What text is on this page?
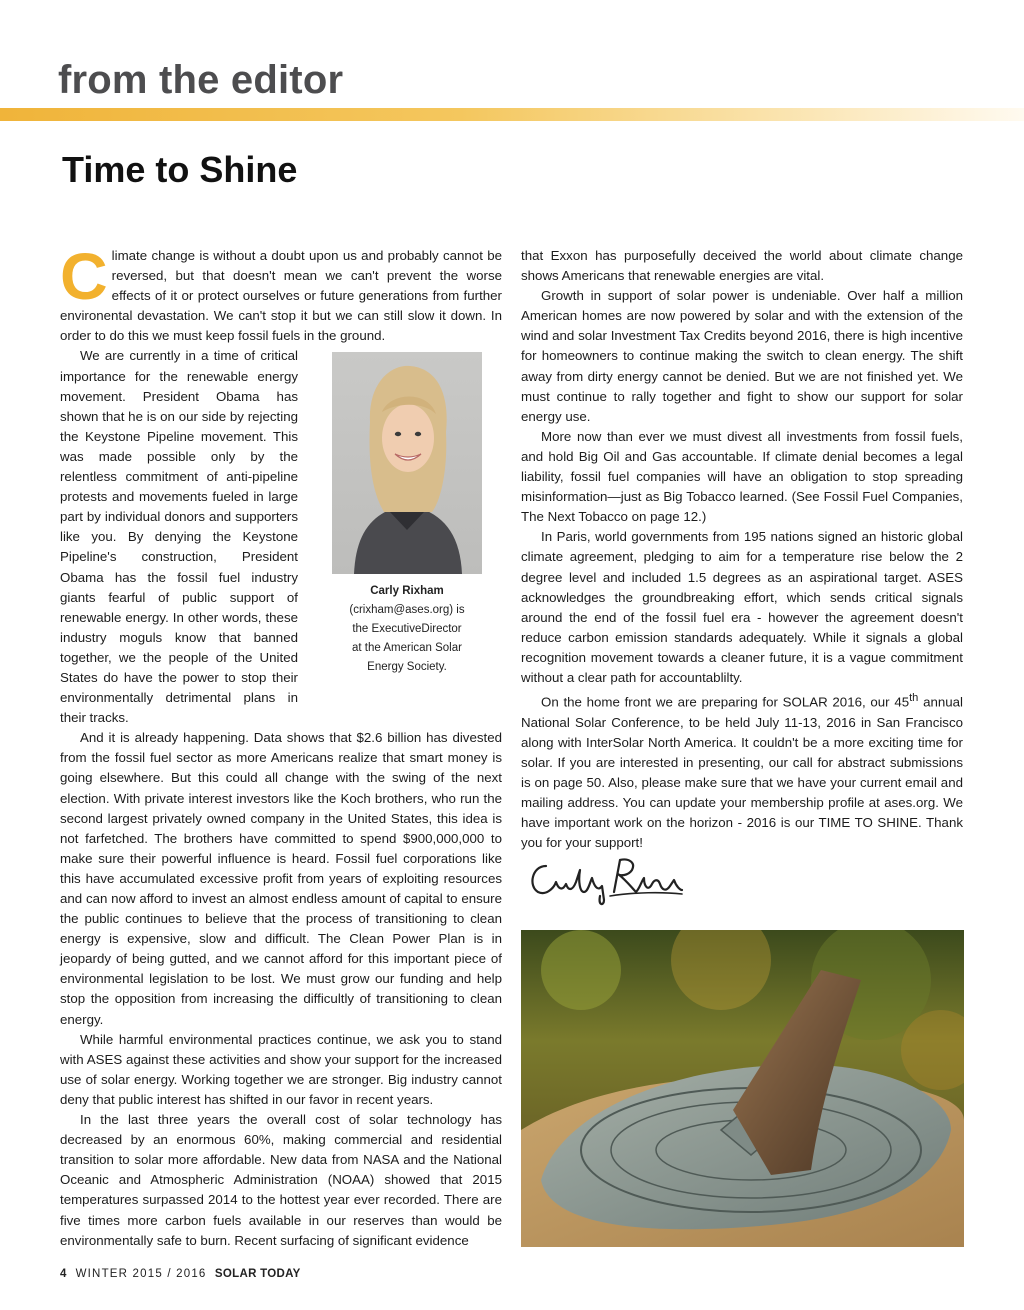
from the editor
Time to Shine

Climate change is without a doubt upon us and probably cannot be reversed, but that doesn't mean we can't prevent the worse effects of it or protect ourselves or future generations from further environental devastation. We can't stop it but we can still slow it down. In order to do this we must keep fossil fuels in the ground.

Carly Rixham
(crixham@ases.org) is
the ExecutiveDirector
at the American Solar
Energy Society.

We are currently in a time of critical importance for the renewable energy movement. President Obama has shown that he is on our side by rejecting the Keystone Pipeline movement. This was made possible only by the relentless commitment of anti-pipeline protests and movements fueled in large part by individual donors and supporters like you. By denying the Keystone Pipeline's construction, President Obama has the fossil fuel industry giants fearful of public support of renewable energy. In other words, these industry moguls know that banned together, we the people of the United States do have the power to stop their environmentally detrimental plans in their tracks.

And it is already happening. Data shows that $2.6 billion has divested from the fossil fuel sector as more Americans realize that smart money is going elsewhere. But this could all change with the swing of the next election. With private interest investors like the Koch brothers, who run the second largest privately owned company in the United States, this idea is not farfetched. The brothers have committed to spend $900,000,000 to make sure their powerful influence is heard. Fossil fuel corporations like this have accumulated excessive profit from years of exploiting resources and can now afford to invest an almost endless amount of capital to ensure the public continues to believe that the process of transitioning to clean energy is expensive, slow and difficult. The Clean Power Plan is in jeopardy of being gutted, and we cannot afford for this important piece of environmental legislation to be lost. We must grow our funding and help stop the opposition from increasing the difficultly of transitioning to clean energy.

While harmful environmental practices continue, we ask you to stand with ASES against these activities and show your support for the increased use of solar energy. Working together we are stronger. Big industry cannot deny that public interest has shifted in our favor in recent years.

In the last three years the overall cost of solar technology has decreased by an enormous 60%, making commercial and residential transition to solar more affordable. New data from NASA and the National Oceanic and Atmospheric Administration (NOAA) showed that 2015 temperatures surpassed 2014 to the hottest year ever recorded. There are five times more carbon fuels available in our reserves than would be environmentally safe to burn. Recent surfacing of significant evidence

that Exxon has purposefully deceived the world about climate change shows Americans that renewable energies are vital.

Growth in support of solar power is undeniable. Over half a million American homes are now powered by solar and with the extension of the wind and solar Investment Tax Credits beyond 2016, there is high incentive for homeowners to continue making the switch to clean energy. The shift away from dirty energy cannot be denied. But we are not finished yet. We must continue to rally together and fight to show our support for solar energy use.

More now than ever we must divest all investments from fossil fuels, and hold Big Oil and Gas accountable. If climate denial becomes a legal liability, fossil fuel companies will have an obligation to stop spreading misinformation—just as Big Tobacco learned. (See Fossil Fuel Companies, The Next Tobacco on page 12.)

In Paris, world governments from 195 nations signed an historic global climate agreement, pledging to aim for a temperature rise below the 2 degree level and included 1.5 degrees as an aspirational target. ASES acknowledges the groundbreaking effort, which sends critical signals around the end of the fossil fuel era - however the agreement doesn't reduce carbon emission standards adequately. While it signals a global recognition movement towards a cleaner future, it is a vague commitment without a clear path for accountablilty.

On the home front we are preparing for SOLAR 2016, our 45th annual National Solar Conference, to be held July 11-13, 2016 in San Francisco along with InterSolar North America. It couldn't be a more exciting time for solar. If you are interested in presenting, our call for abstract submissions is on page 50. Also, please make sure that we have your current email and mailing address. You can update your membership profile at ases.org. We have important work on the horizon - 2016 is our TIME TO SHINE. Thank you for your support!

4 WINTER 2015 / 2016 SOLAR TODAY
